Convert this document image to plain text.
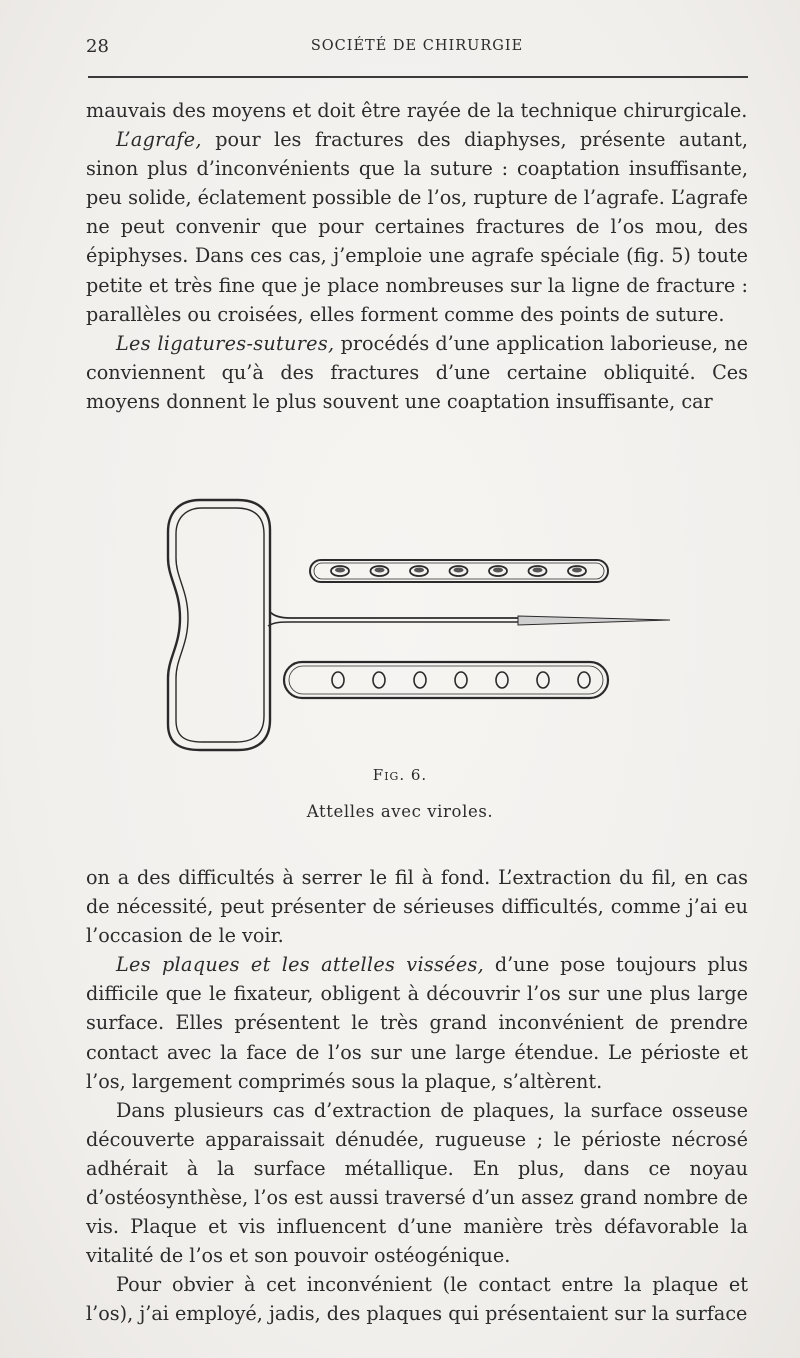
28	SOCIÉTÉ DE CHIRURGIE

mauvais des moyens et doit être rayée de la technique chirurgicale.

L’agrafe, pour les fractures des diaphyses, présente autant, sinon plus d’inconvénients que la suture : coaptation insuffisante, peu solide, éclatement possible de l’os, rupture de l’agrafe. L’agrafe ne peut convenir que pour certaines fractures de l’os mou, des épiphyses. Dans ces cas, j’emploie une agrafe spéciale (fig. 5) toute petite et très fine que je place nombreuses sur la ligne de fracture : parallèles ou croisées, elles forment comme des points de suture.

Les ligatures-sutures, procédés d’une application laborieuse, ne conviennent qu’à des fractures d’une certaine obliquité. Ces moyens donnent le plus souvent une coaptation insuffisante, car

Fig. 6.
Attelles avec viroles.

on a des difficultés à serrer le fil à fond. L’extraction du fil, en cas de nécessité, peut présenter de sérieuses difficultés, comme j’ai eu l’occasion de le voir.

Les plaques et les attelles vissées, d’une pose toujours plus difficile que le fixateur, obligent à découvrir l’os sur une plus large surface. Elles présentent le très grand inconvénient de prendre contact avec la face de l’os sur une large étendue. Le périoste et l’os, largement comprimés sous la plaque, s’altèrent.

Dans plusieurs cas d’extraction de plaques, la surface osseuse découverte apparaissait dénudée, rugueuse ; le périoste nécrosé adhérait à la surface métallique. En plus, dans ce noyau d’ostéosynthèse, l’os est aussi traversé d’un assez grand nombre de vis. Plaque et vis influencent d’une manière très défavorable la vitalité de l’os et son pouvoir ostéogénique.

Pour obvier à cet inconvénient (le contact entre la plaque et l’os), j’ai employé, jadis, des plaques qui présentaient sur la surface
